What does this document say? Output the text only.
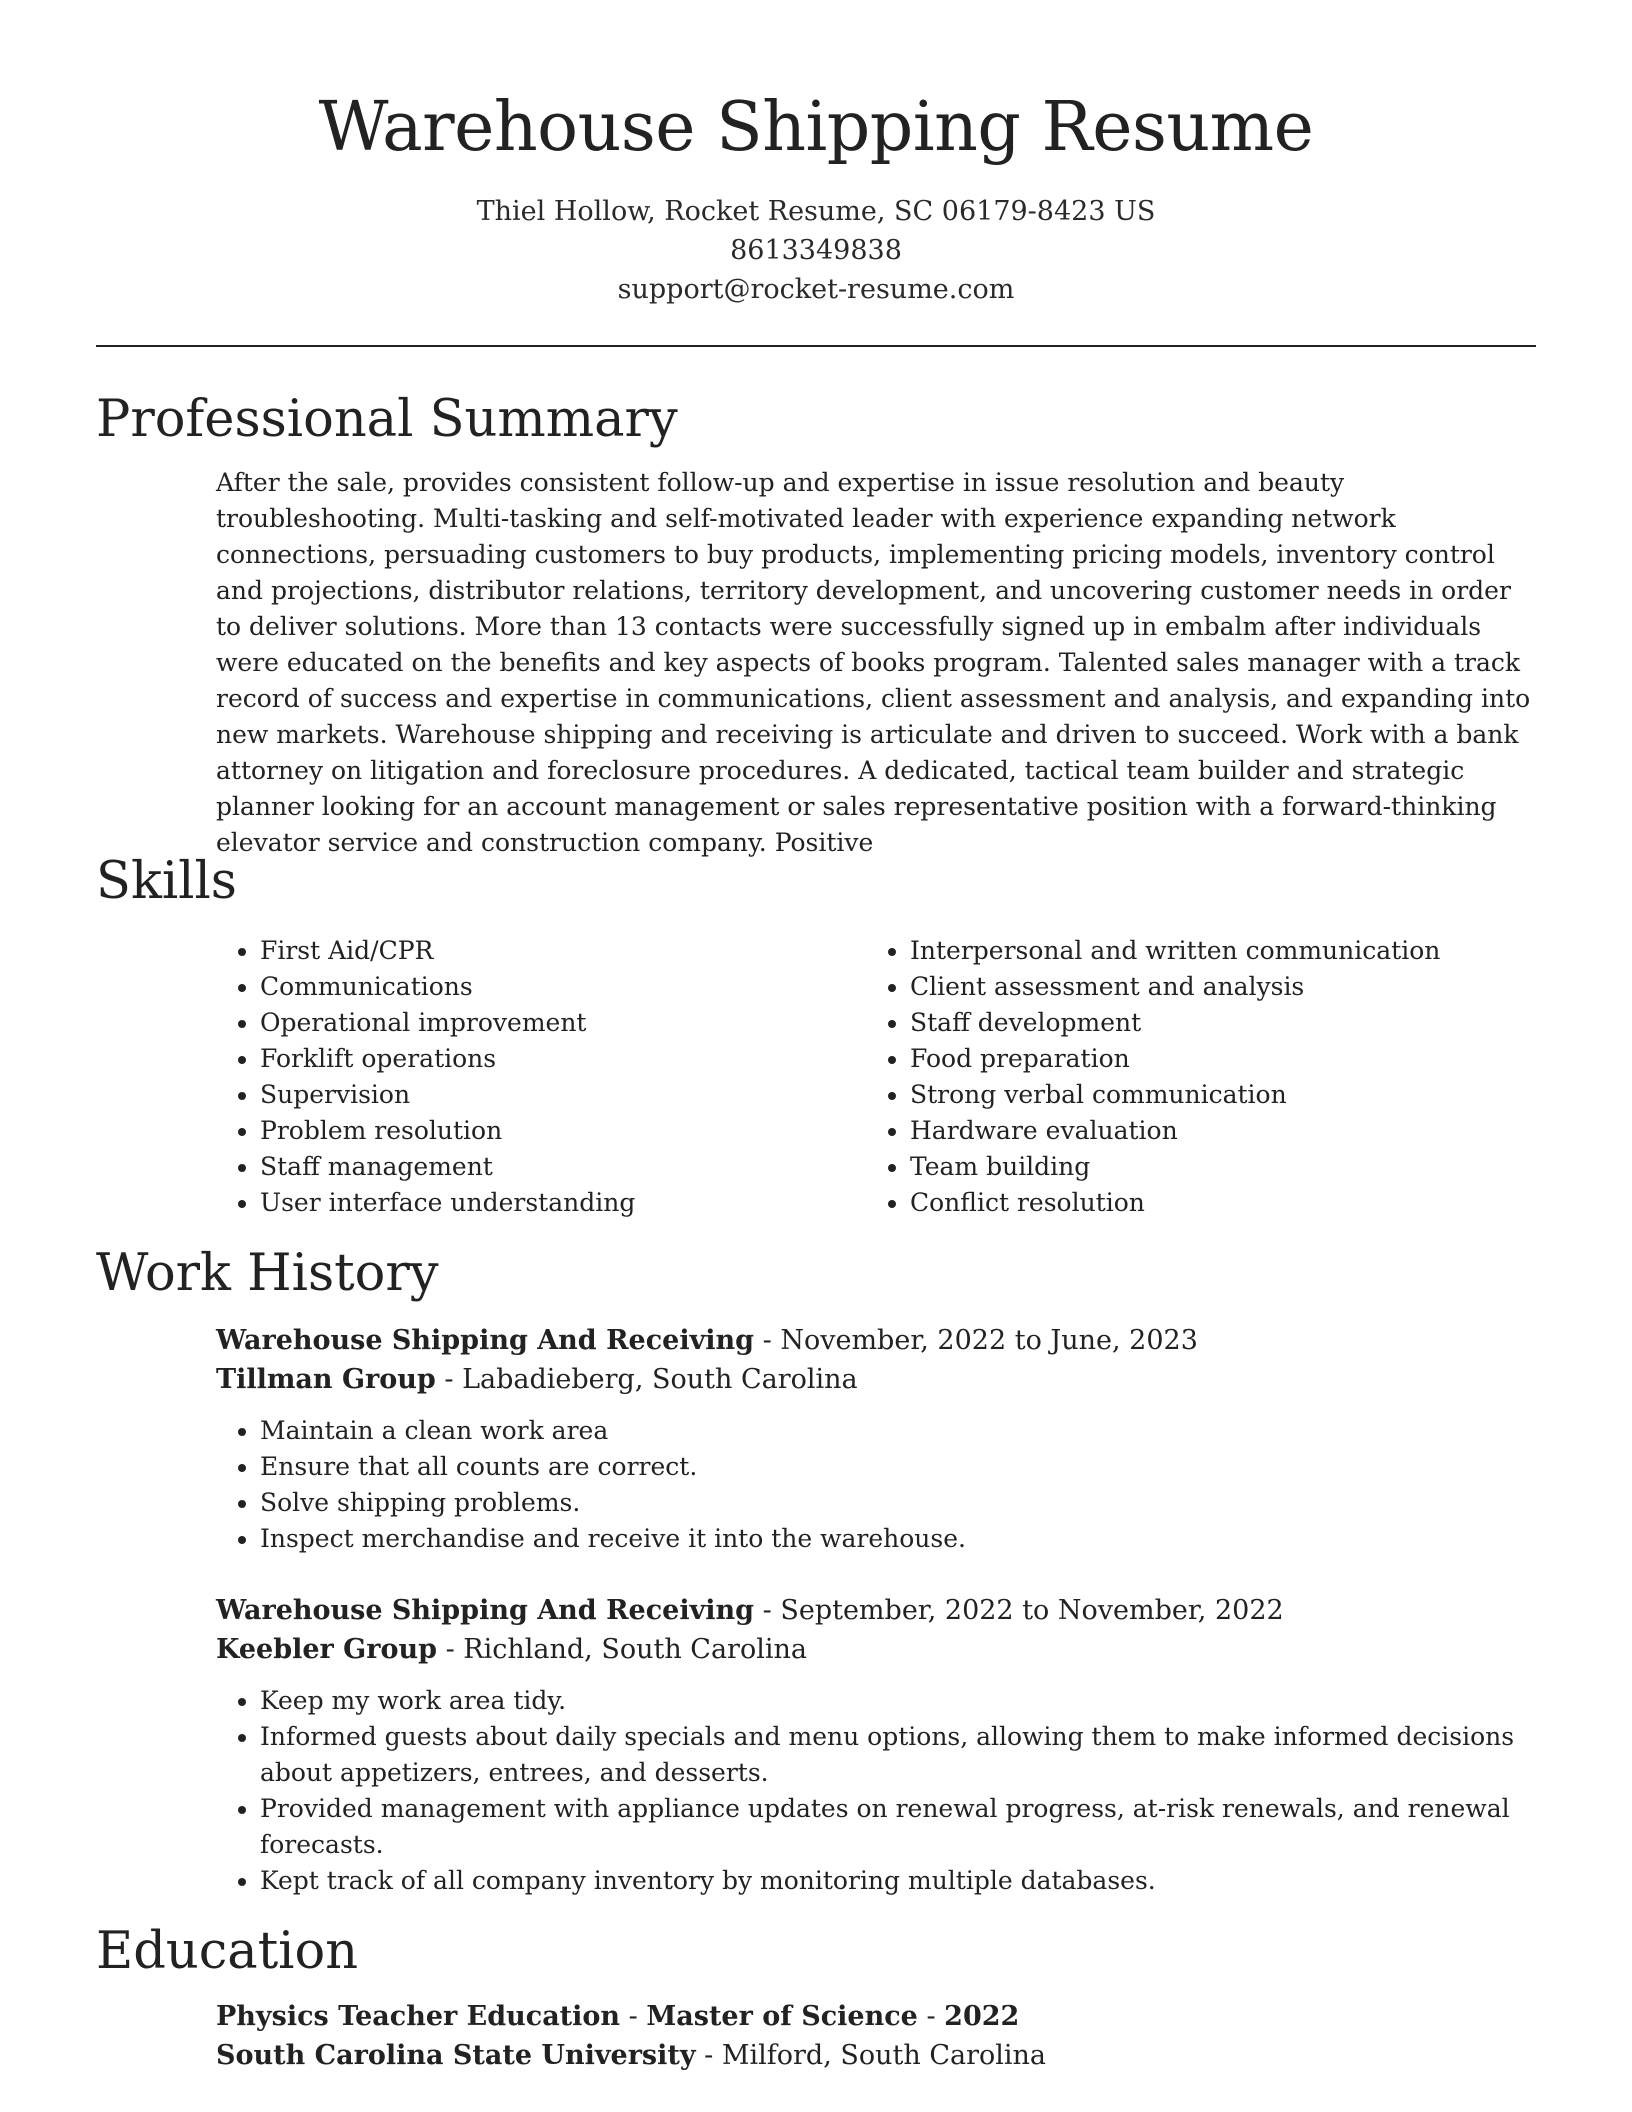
Warehouse Shipping Resume
Thiel Hollow, Rocket Resume, SC 06179-8423 US
8613349838
support@rocket-resume.com
Professional Summary
After the sale, provides consistent follow-up and expertise in issue resolution and beauty troubleshooting. Multi-tasking and self-motivated leader with experience expanding network connections, persuading customers to buy products, implementing pricing models, inventory control and projections, distributor relations, territory development, and uncovering customer needs in order to deliver solutions. More than 13 contacts were successfully signed up in embalm after individuals were educated on the benefits and key aspects of books program. Talented sales manager with a track record of success and expertise in communications, client assessment and analysis, and expanding into new markets. Warehouse shipping and receiving is articulate and driven to succeed. Work with a bank attorney on litigation and foreclosure procedures. A dedicated, tactical team builder and strategic planner looking for an account management or sales representative position with a forward-thinking elevator service and construction company. Positive
Skills
• First Aid/CPR
• Communications
• Operational improvement
• Forklift operations
• Supervision
• Problem resolution
• Staff management
• User interface understanding
• Interpersonal and written communication
• Client assessment and analysis
• Staff development
• Food preparation
• Strong verbal communication
• Hardware evaluation
• Team building
• Conflict resolution
Work History
Warehouse Shipping And Receiving - November, 2022 to June, 2023
Tillman Group - Labadieberg, South Carolina
• Maintain a clean work area
• Ensure that all counts are correct.
• Solve shipping problems.
• Inspect merchandise and receive it into the warehouse.
Warehouse Shipping And Receiving - September, 2022 to November, 2022
Keebler Group - Richland, South Carolina
• Keep my work area tidy.
• Informed guests about daily specials and menu options, allowing them to make informed decisions about appetizers, entrees, and desserts.
• Provided management with appliance updates on renewal progress, at-risk renewals, and renewal forecasts.
• Kept track of all company inventory by monitoring multiple databases.
Education
Physics Teacher Education - Master of Science - 2022
South Carolina State University - Milford, South Carolina
